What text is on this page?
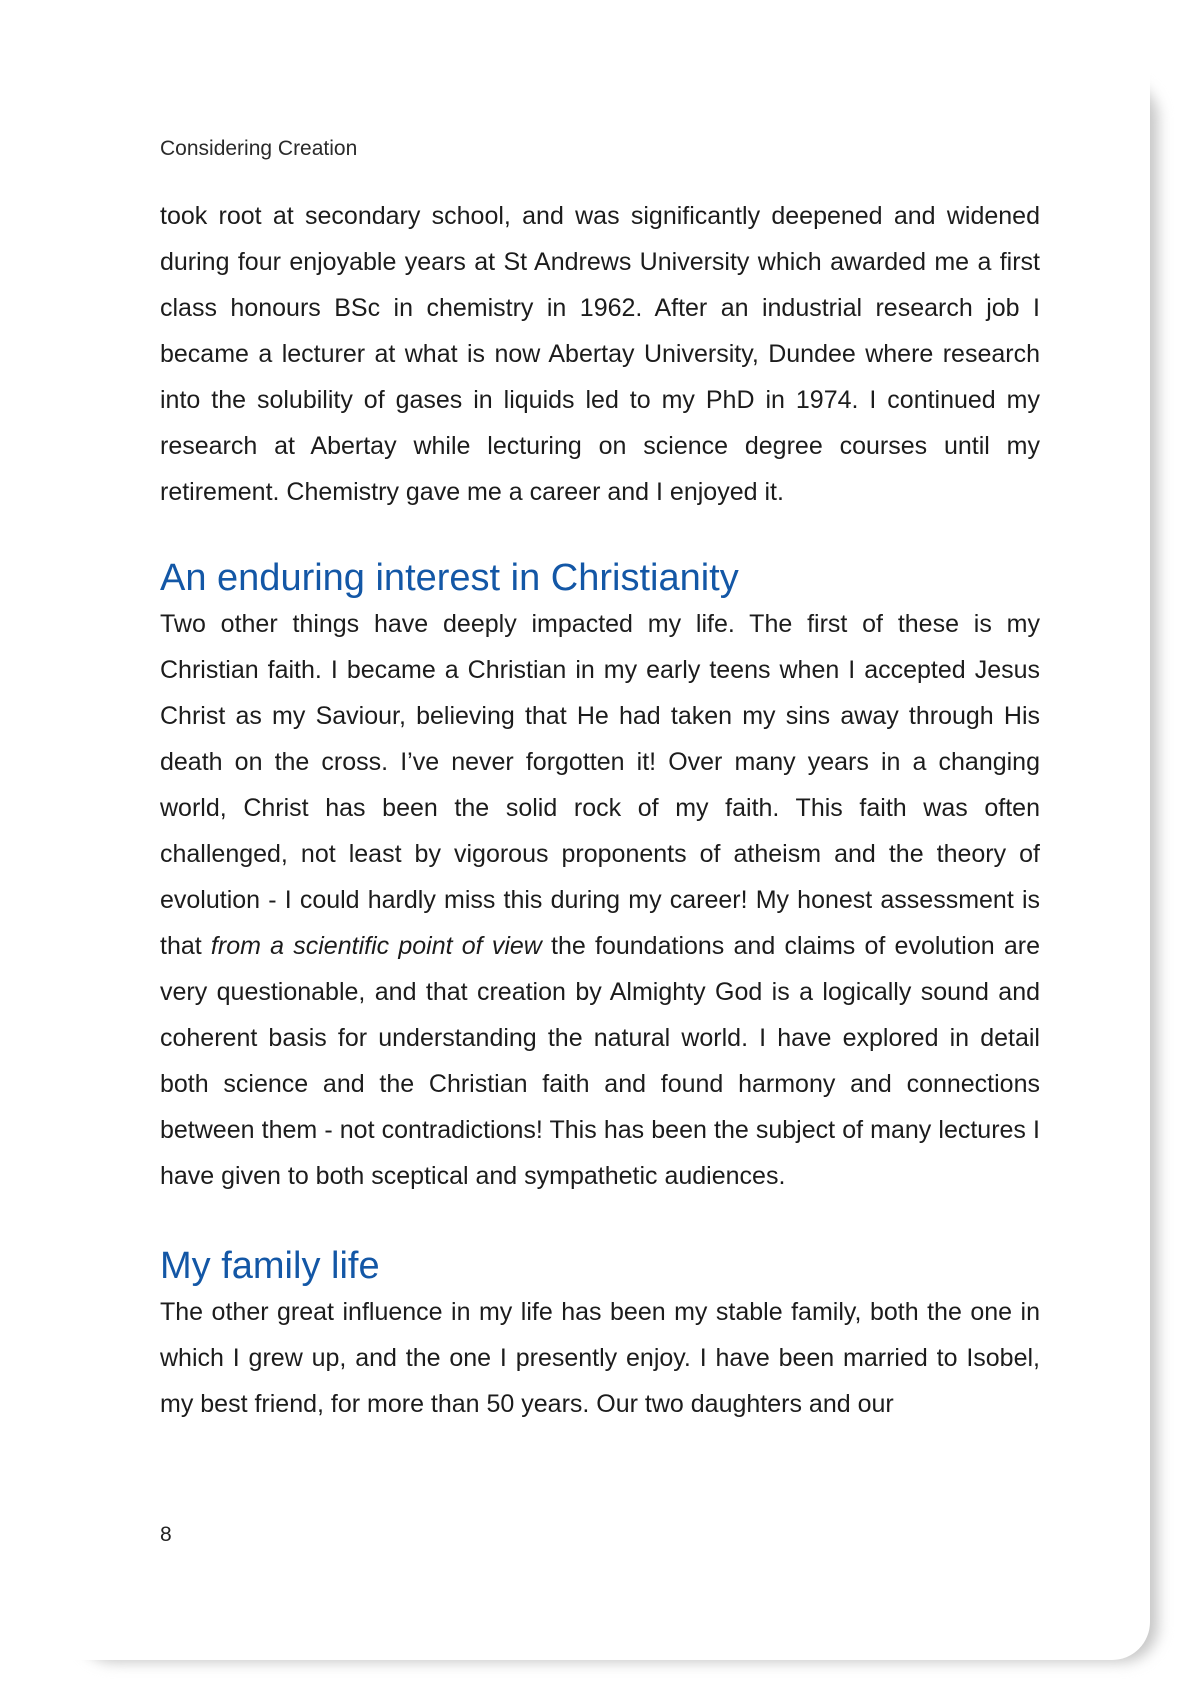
Considering Creation

took root at secondary school, and was significantly deepened and widened during four enjoyable years at St Andrews University which awarded me a first class honours BSc in chemistry in 1962. After an industrial research job I became a lecturer at what is now Abertay University, Dundee where research into the solubility of gases in liquids led to my PhD in 1974. I continued my research at Abertay while lecturing on science degree courses until my retirement. Chemistry gave me a career and I enjoyed it.

An enduring interest in Christianity

Two other things have deeply impacted my life. The first of these is my Christian faith. I became a Christian in my early teens when I accepted Jesus Christ as my Saviour, believing that He had taken my sins away through His death on the cross. I’ve never forgotten it! Over many years in a changing world, Christ has been the solid rock of my faith. This faith was often challenged, not least by vigorous proponents of atheism and the theory of evolution - I could hardly miss this during my career! My honest assessment is that from a scientific point of view the foundations and claims of evolution are very questionable, and that creation by Almighty God is a logically sound and coherent basis for understanding the natural world. I have explored in detail both science and the Christian faith and found harmony and connections between them - not contradictions! This has been the subject of many lectures I have given to both sceptical and sympathetic audiences.

My family life

The other great influence in my life has been my stable family, both the one in which I grew up, and the one I presently enjoy. I have been married to Isobel, my best friend, for more than 50 years. Our two daughters and our

8
